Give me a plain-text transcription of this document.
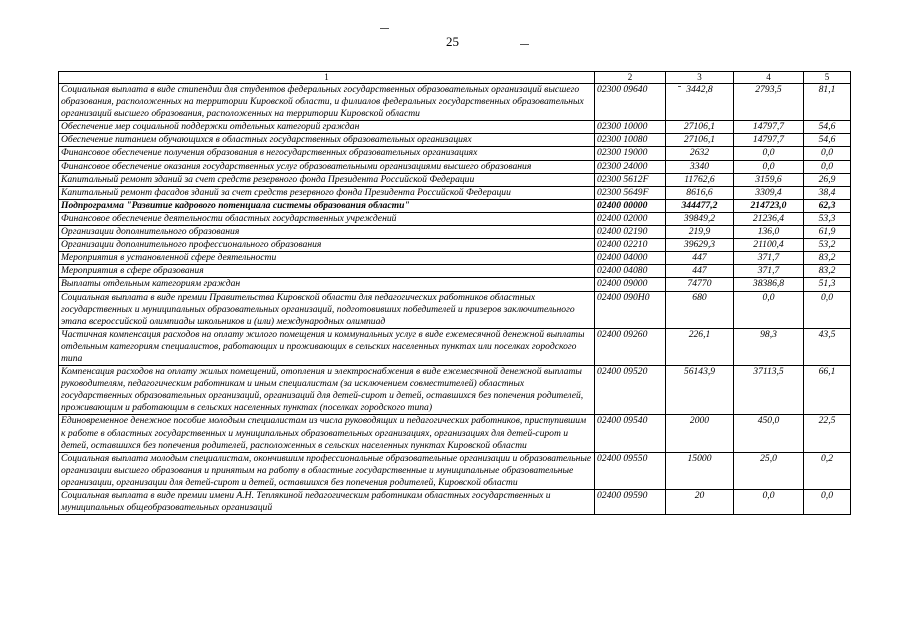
25
1	2	3	4	5
Социальная выплата в виде стипендии для студентов федеральных государственных образовательных организаций высшего образования, расположенных на территории Кировской области, и филиалов федеральных государственных образовательных организаций высшего образования, расположенных на территории Кировской области	02300 09640	3442,8	2793,5	81,1
Обеспечение мер социальной поддержки отдельных категорий граждан	02300 10000	27106,1	14797,7	54,6
Обеспечение питанием обучающихся в областных государственных образовательных организациях	02300 10080	27106,1	14797,7	54,6
Финансовое обеспечение получения образования в негосударственных образовательных организациях	02300 19000	2632	0,0	0,0
Финансовое обеспечение оказания государственных услуг образовательными организациями высшего образования	02300 24000	3340	0,0	0,0
Капитальный ремонт зданий за счет средств резервного фонда Президента Российской Федерации	02300 5612F	11762,6	3159,6	26,9
Капитальный ремонт фасадов зданий за счет средств резервного фонда Президента Российской Федерации	02300 5649F	8616,6	3309,4	38,4
Подпрограмма "Развитие кадрового потенциала системы образования области"	02400 00000	344477,2	214723,0	62,3
Финансовое обеспечение деятельности областных государственных учреждений	02400 02000	39849,2	21236,4	53,3
Организации дополнительного образования	02400 02190	219,9	136,0	61,9
Организации дополнительного профессионального образования	02400 02210	39629,3	21100,4	53,2
Мероприятия в установленной сфере деятельности	02400 04000	447	371,7	83,2
Мероприятия в сфере образования	02400 04080	447	371,7	83,2
Выплаты отдельным категориям граждан	02400 09000	74770	38386,8	51,3
Социальная выплата в виде премии Правительства Кировской области для педагогических работников областных государственных и муниципальных образовательных организаций, подготовивших победителей и призеров заключительного этапа всероссийской олимпиады школьников и (или) международных олимпиад	02400 090Н0	680	0,0	0,0
Частичная компенсация расходов на оплату жилого помещения и коммунальных услуг в виде ежемесячной денежной выплаты отдельным категориям специалистов, работающих и проживающих в сельских населенных пунктах или поселках городского типа	02400 09260	226,1	98,3	43,5
Компенсация расходов на оплату жилых помещений, отопления и электроснабжения в виде ежемесячной денежной выплаты руководителям, педагогическим работникам и иным специалистам (за исключением совместителей) областных государственных образовательных организаций, организаций для детей-сирот и детей, оставшихся без попечения родителей, проживающим и работающим в сельских населенных пунктах (поселках городского типа)	02400 09520	56143,9	37113,5	66,1
Единовременное денежное пособие молодым специалистам из числа руководящих и педагогических работников, приступившим к работе в областных государственных и муниципальных образовательных организациях, организациях для детей-сирот и детей, оставшихся без попечения родителей, расположенных в сельских населенных пунктах Кировской области	02400 09540	2000	450,0	22,5
Социальная выплата молодым специалистам, окончившим профессиональные образовательные организации и образовательные организации высшего образования и принятым на работу в областные государственные и муниципальные образовательные организации, организации для детей-сирот и детей, оставшихся без попечения родителей, Кировской области	02400 09550	15000	25,0	0,2
Социальная выплата в виде премии имени А.Н. Теплякиной педагогическим работникам областных государственных и муниципальных общеобразовательных организаций	02400 09590	20	0,0	0,0
